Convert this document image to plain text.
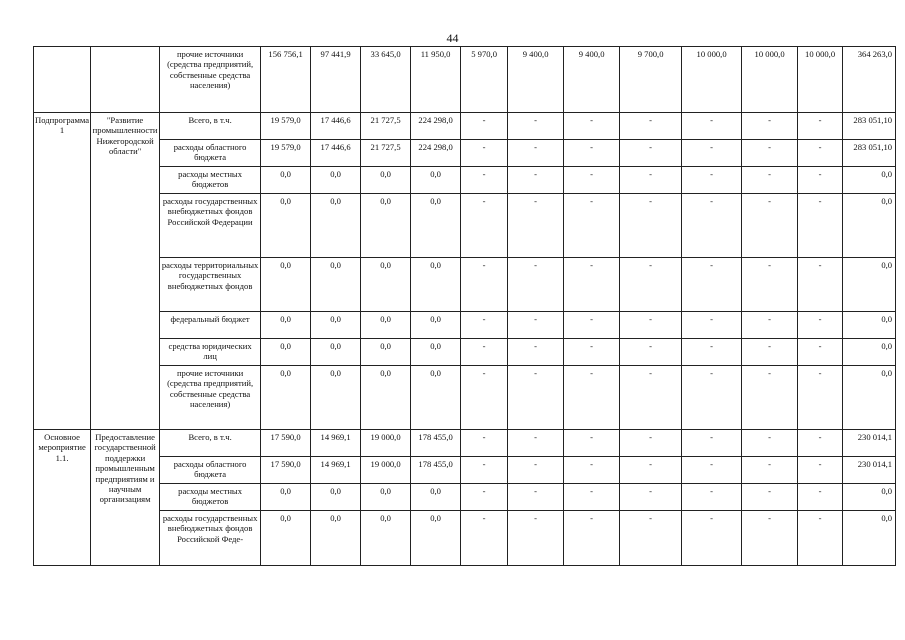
44
		прочие источники (средства предприятий, собственные средства населения)	156 756,1	97 441,9	33 645,0	11 950,0	5 970,0	9 400,0	9 400,0	9 700,0	10 000,0	10 000,0	10 000,0	364 263,0
Подпрограмма 1	"Развитие промышленности Нижегородской области"	Всего, в т.ч.	19 579,0	17 446,6	21 727,5	224 298,0	-	-	-	-	-	-	-	283 051,10
		расходы областного бюджета	19 579,0	17 446,6	21 727,5	224 298,0	-	-	-	-	-	-	-	283 051,10
		расходы местных бюджетов	0,0	0,0	0,0	0,0	-	-	-	-	-	-	-	0,0
		расходы государственных внебюджетных фондов Российской Федерации	0,0	0,0	0,0	0,0	-	-	-	-	-	-	-	0,0
		расходы территориальных государственных внебюджетных фондов	0,0	0,0	0,0	0,0	-	-	-	-	-	-	-	0,0
		федеральный бюджет	0,0	0,0	0,0	0,0	-	-	-	-	-	-	-	0,0
		средства юридических лиц	0,0	0,0	0,0	0,0	-	-	-	-	-	-	-	0,0
		прочие источники (средства предприятий, собственные средства населения)	0,0	0,0	0,0	0,0	-	-	-	-	-	-	-	0,0
Основное мероприятие 1.1.	Предоставление государственной поддержки промышленным предприятиям и научным организациям	Всего, в т.ч.	17 590,0	14 969,1	19 000,0	178 455,0	-	-	-	-	-	-	-	230 014,1
		расходы областного бюджета	17 590,0	14 969,1	19 000,0	178 455,0	-	-	-	-	-	-	-	230 014,1
		расходы местных бюджетов	0,0	0,0	0,0	0,0	-	-	-	-	-	-	-	0,0
		расходы государственных внебюджетных фондов Российской Феде-	0,0	0,0	0,0	0,0	-	-	-	-	-	-	-	0,0
